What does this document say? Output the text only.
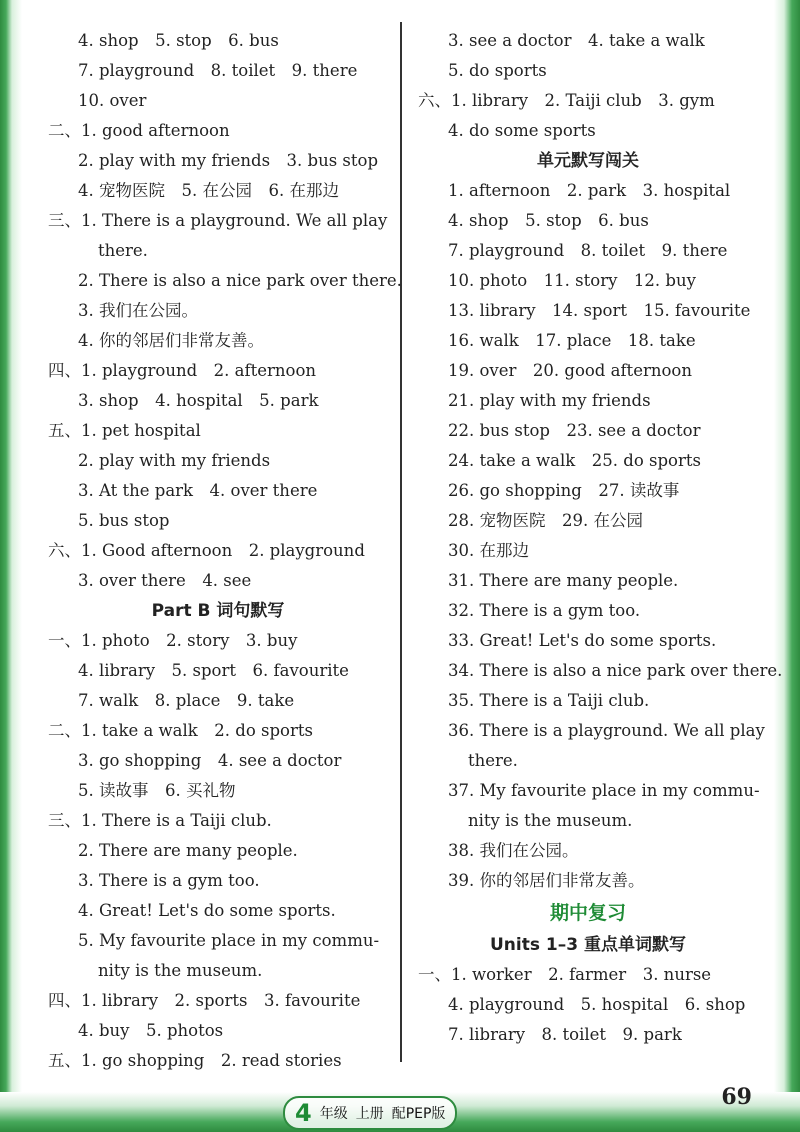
4. shop　5. stop　6. bus
7. playground　8. toilet　9. there
10. over
二、1. good afternoon
2. play with my friends　3. bus stop
4. 宠物医院　5. 在公园　6. 在那边
三、1. There is a playground. We all play
there.
2. There is also a nice park over there.
3. 我们在公园。
4. 你的邻居们非常友善。
四、1. playground　2. afternoon
3. shop　4. hospital　5. park
五、1. pet hospital
2. play with my friends
3. At the park　4. over there
5. bus stop
六、1. Good afternoon　2. playground
3. over there　4. see
Part B 词句默写
一、1. photo　2. story　3. buy
4. library　5. sport　6. favourite
7. walk　8. place　9. take
二、1. take a walk　2. do sports
3. go shopping　4. see a doctor
5. 读故事　6. 买礼物
三、1. There is a Taiji club.
2. There are many people.
3. There is a gym too.
4. Great! Let's do some sports.
5. My favourite place in my commu-
nity is the museum.
四、1. library　2. sports　3. favourite
4. buy　5. photos
五、1. go shopping　2. read stories
3. see a doctor　4. take a walk
5. do sports
六、1. library　2. Taiji club　3. gym
4. do some sports
单元默写闯关
1. afternoon　2. park　3. hospital
4. shop　5. stop　6. bus
7. playground　8. toilet　9. there
10. photo　11. story　12. buy
13. library　14. sport　15. favourite
16. walk　17. place　18. take
19. over　20. good afternoon
21. play with my friends
22. bus stop　23. see a doctor
24. take a walk　25. do sports
26. go shopping　27. 读故事
28. 宠物医院　29. 在公园
30. 在那边
31. There are many people.
32. There is a gym too.
33. Great! Let's do some sports.
34. There is also a nice park over there.
35. There is a Taiji club.
36. There is a playground. We all play
there.
37. My favourite place in my commu-
nity is the museum.
38. 我们在公园。
39. 你的邻居们非常友善。
期中复习
Units 1–3 重点单词默写
一、1. worker　2. farmer　3. nurse
4. playground　5. hospital　6. shop
7. library　8. toilet　9. park
4 年级 上册 配PEP版
69
